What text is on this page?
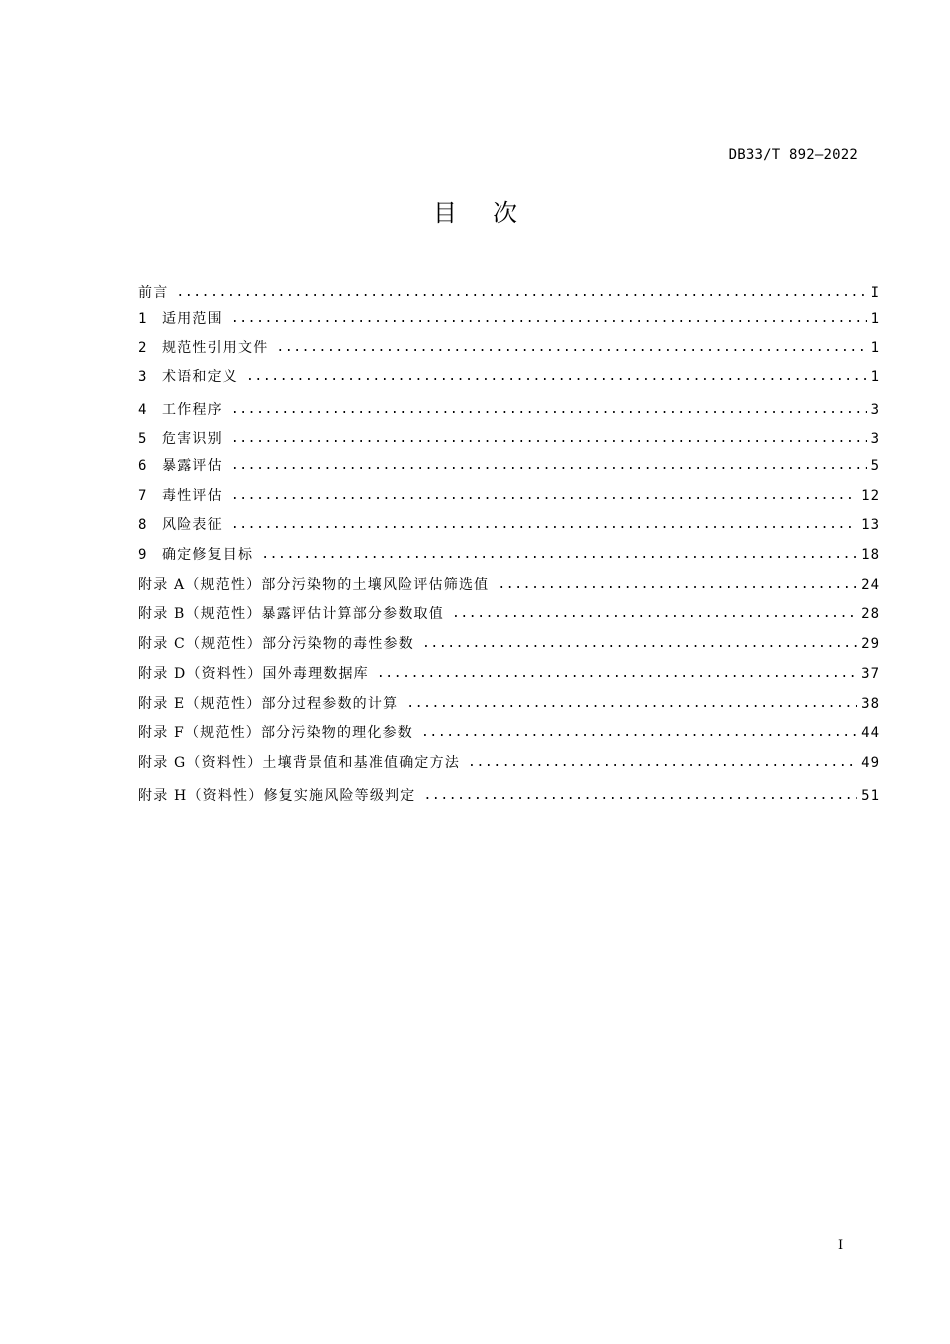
DB33/T 892—2022
目 次
前言 .....	I
1 适用范围 .....	1
2 规范性引用文件 .....	1
3 术语和定义 .....	1
4 工作程序 .....	3
5 危害识别 .....	3
6 暴露评估 .....	5
7 毒性评估 .....	12
8 风险表征 .....	13
9 确定修复目标 .....	18
附录 A（规范性）部分污染物的土壤风险评估筛选值 .....	24
附录 B（规范性）暴露评估计算部分参数取值 .....	28
附录 C（规范性）部分污染物的毒性参数 .....	29
附录 D（资料性）国外毒理数据库 .....	37
附录 E（规范性）部分过程参数的计算 .....	38
附录 F（规范性）部分污染物的理化参数 .....	44
附录 G（资料性）土壤背景值和基准值确定方法 .....	49
附录 H（资料性）修复实施风险等级判定 .....	51
I
